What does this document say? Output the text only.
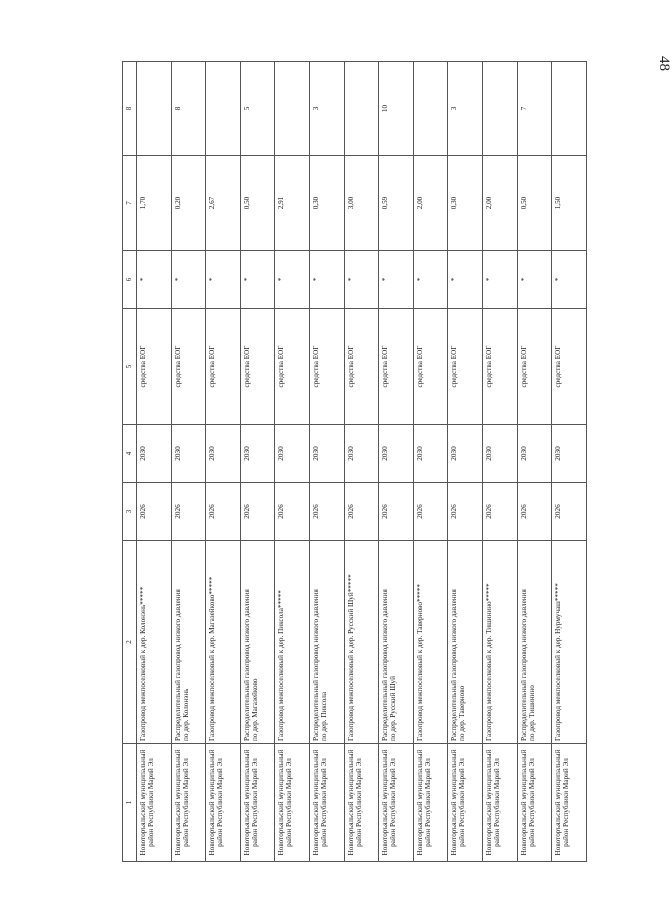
48
1	2	3	4	5	6	7	8
Новоторъяльский муниципальный район Республики Марий Эл	Газопровод межпоселковый к дер. Колонэнь*****	2026	2030	средства ЕОГ	*	1,70	
Новоторъяльский муниципальный район Республики Марий Эл	Распределительный газопровод низкого давления по дер. Колонэнь	2026	2030	средства ЕОГ	*	0,20	8
Новоторъяльский муниципальный район Республики Марий Эл	Газопровод межпоселковый к дер. Магазейково*****	2026	2030	средства ЕОГ	*	2,67	
Новоторъяльский муниципальный район Республики Марий Эл	Распределительный газопровод низкого давления по дер. Магазейково	2026	2030	средства ЕОГ	*	0,50	5
Новоторъяльский муниципальный район Республики Марий Эл	Газопровод межпоселковый к дер. Пиксола*****	2026	2030	средства ЕОГ	*	2,91	
Новоторъяльский муниципальный район Республики Марий Эл	Распределительный газопровод низкого давления по дер. Пиксола	2026	2030	средства ЕОГ	*	0,30	3
Новоторъяльский муниципальный район Республики Марий Эл	Газопровод межпоселковый к дер. Русский Шуй*****	2026	2030	средства ЕОГ	*	3,00	
Новоторъяльский муниципальный район Республики Марий Эл	Распределительный газопровод низкого давления по дер. Русский Шуй	2026	2030	средства ЕОГ	*	0,59	10
Новоторъяльский муниципальный район Республики Марий Эл	Газопровод межпоселковый к дер. Таверново*****	2026	2030	средства ЕОГ	*	2,00	
Новоторъяльский муниципальный район Республики Марий Эл	Распределительный газопровод низкого давления по дер. Таверново	2026	2030	средства ЕОГ	*	0,30	3
Новоторъяльский муниципальный район Республики Марий Эл	Газопровод межпоселковый к дер. Тишинино*****	2026	2030	средства ЕОГ	*	2,00	
Новоторъяльский муниципальный район Республики Марий Эл	Распределительный газопровод низкого давления по дер. Тишинино	2026	2030	средства ЕОГ	*	0,50	7
Новоторъяльский муниципальный район Республики Марий Эл	Газопровод межпоселковый к дер. Нурмучаш*****	2026	2030	средства ЕОГ	*	1,50	
